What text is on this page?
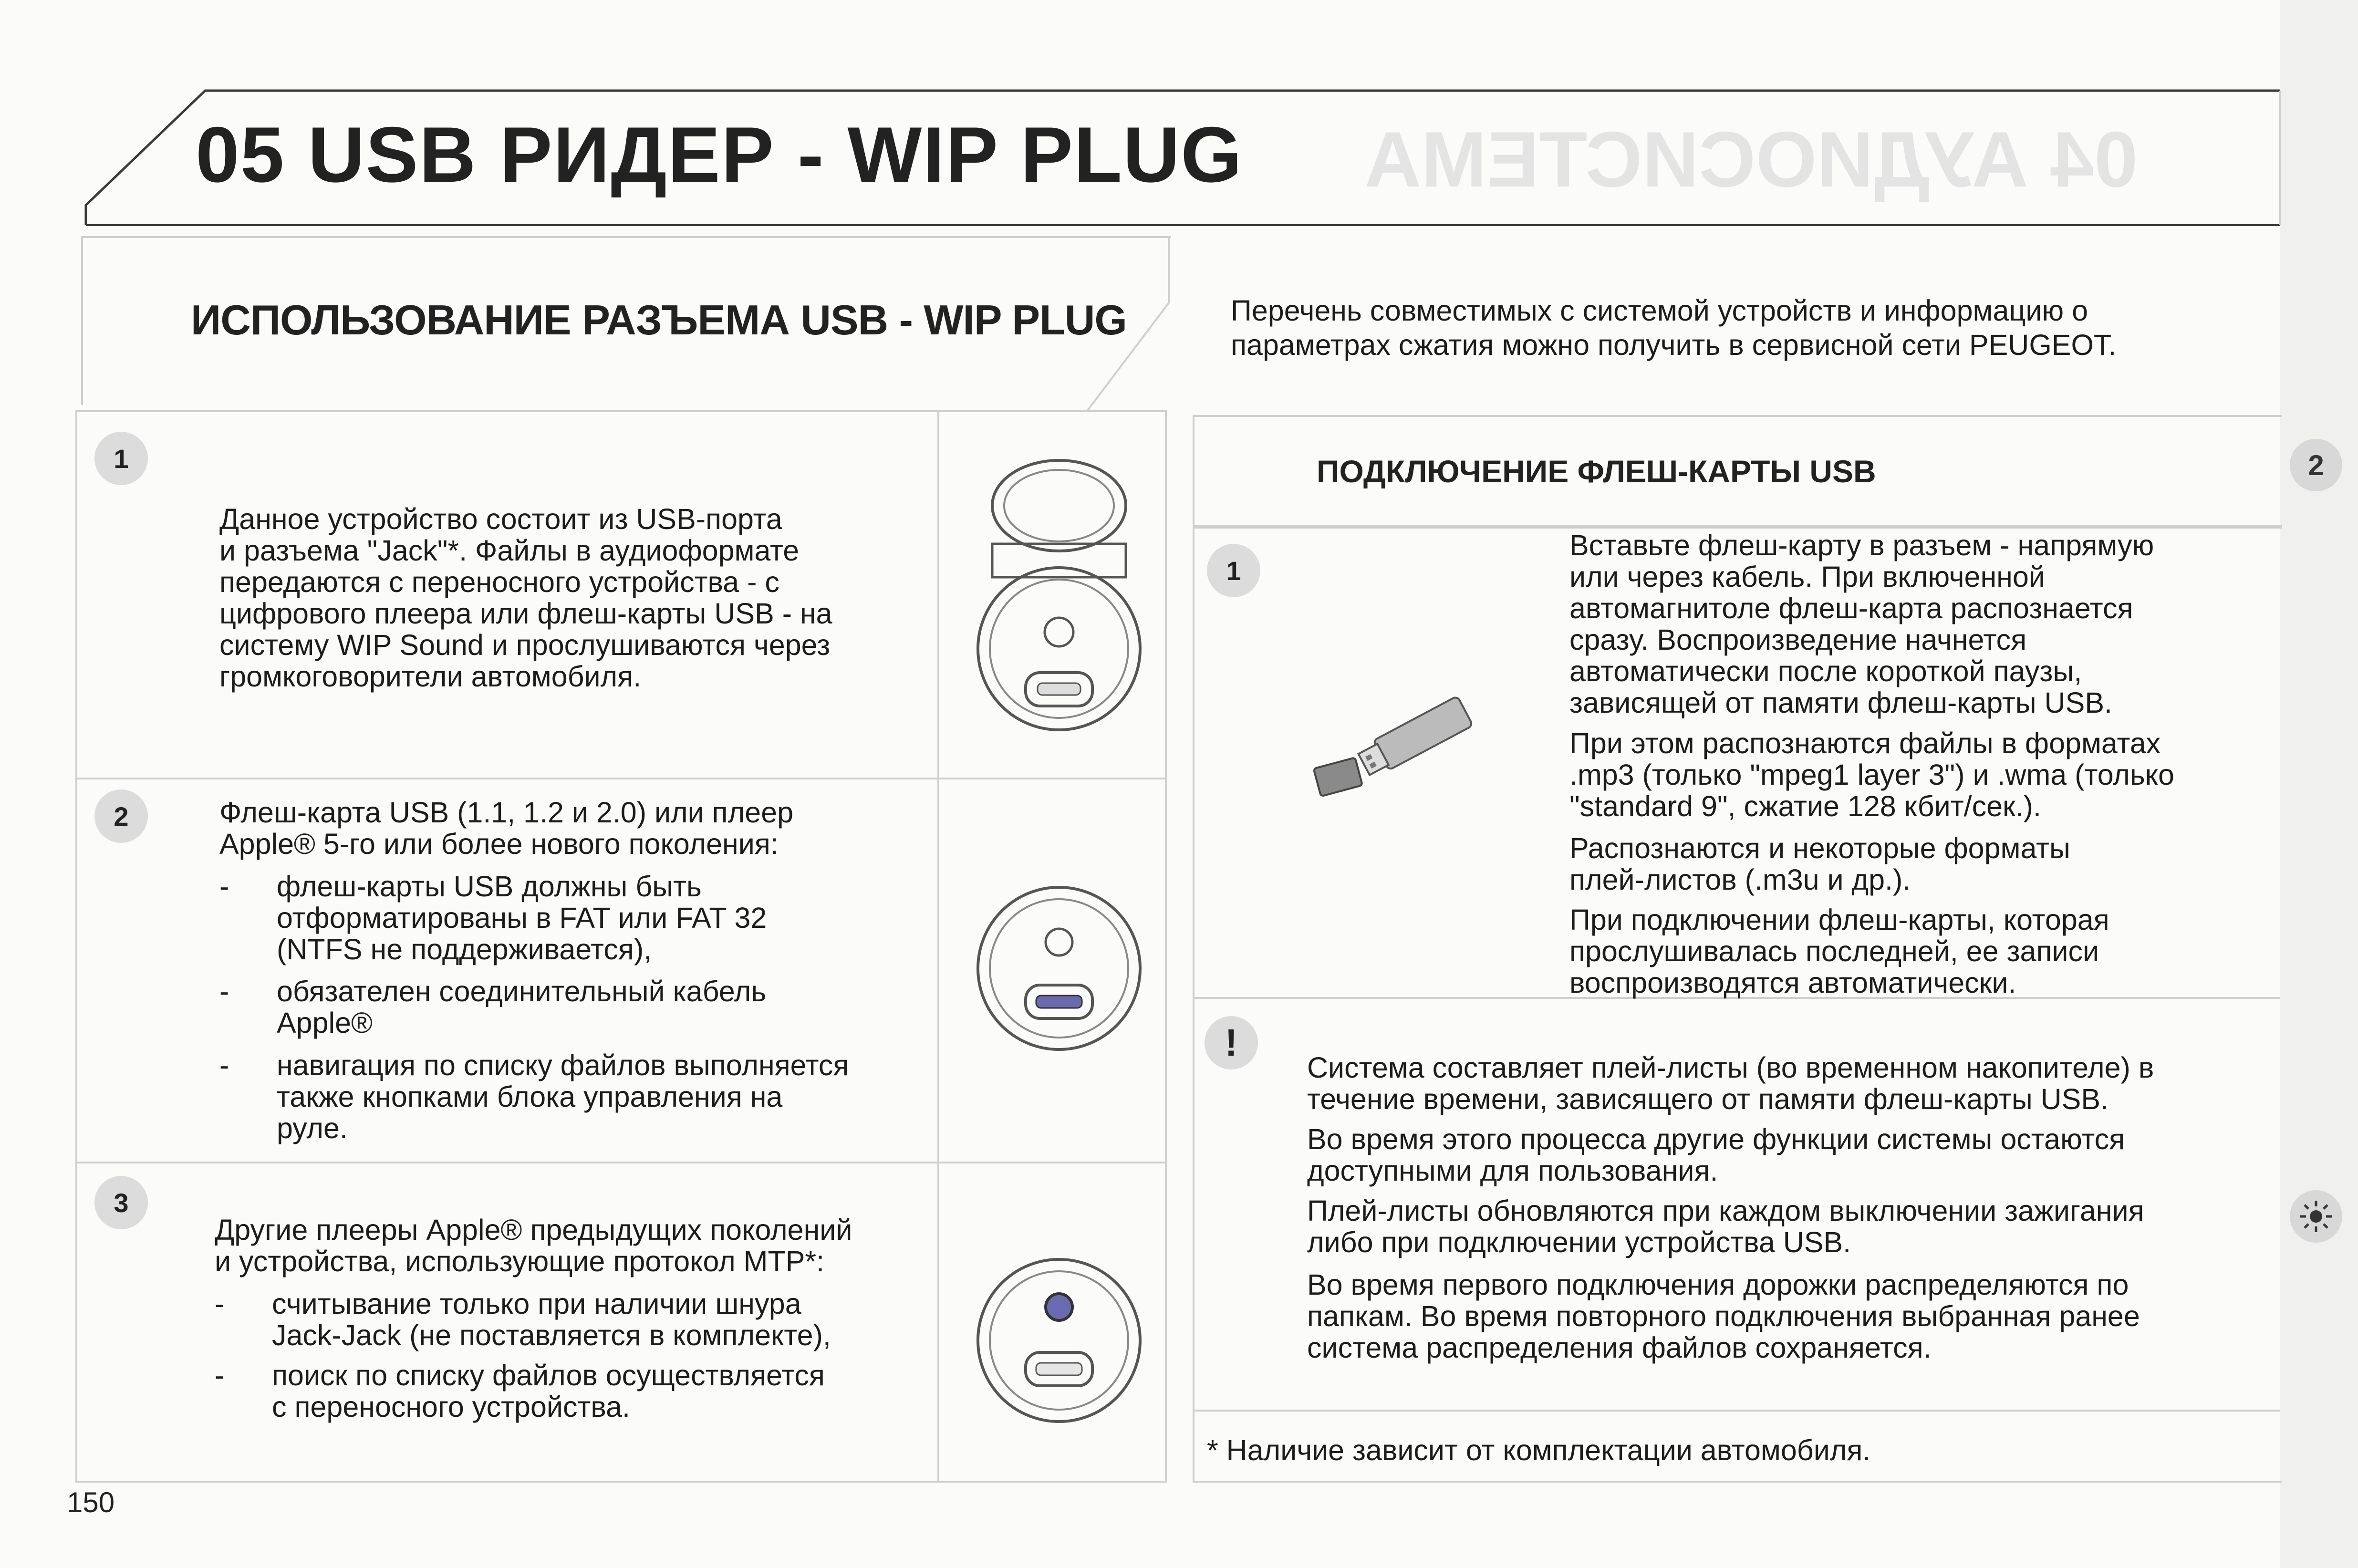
2
04 АУДИОСИСТЕМА
05 USB РИДЕР - WIP PLUG
ИСПОЛЬЗОВАНИЕ РАЗЪЕМА USB - WIP PLUG	Перечень совместимых с системой устройств и информацию о
параметрах сжатия можно получить в сервисной сети PEUGEOT.
1
Данное устройство состоит из USB-порта
и разъема "Jack"*. Файлы в аудиоформате
передаются с переносного устройства - с
цифрового плеера или флеш-карты USB - на
систему WIP Sound и прослушиваются через
громкоговорители автомобиля.
2	Флеш-карта USB (1.1, 1.2 и 2.0) или плеер
Apple® 5-го или более нового поколения:
- флеш-карты USB должны быть
отформатированы в FAT или FAT 32
(NTFS не поддерживается),
- обязателен соединительный кабель
Apple®
- навигация по списку файлов выполняется
также кнопками блока управления на
руле.
3
Другие плееры Apple® предыдущих поколений
и устройства, использующие протокол MTP*:
- считывание только при наличии шнура
Jack-Jack (не поставляется в комплекте),
- поиск по списку файлов осуществляется
с переносного устройства.
ПОДКЛЮЧЕНИЕ ФЛЕШ-КАРТЫ USB
1
Вставьте флеш-карту в разъем - напрямую
или через кабель. При включенной
автомагнитоле флеш-карта распознается
сразу. Воспроизведение начнется
автоматически после короткой паузы,
зависящей от памяти флеш-карты USB.
При этом распознаются файлы в форматах
.mp3 (только "mpeg1 layer 3") и .wma (только
"standard 9", сжатие 128 кбит/сек.).
Распознаются и некоторые форматы
плей-листов (.m3u и др.).
При подключении флеш-карты, которая
прослушивалась последней, ее записи
воспроизводятся автоматически.
!
Система составляет плей-листы (во временном накопителе) в
течение времени, зависящего от памяти флеш-карты USB.
Во время этого процесса другие функции системы остаются
доступными для пользования.
Плей-листы обновляются при каждом выключении зажигания
либо при подключении устройства USB.
Во время первого подключения дорожки распределяются по
папкам. Во время повторного подключения выбранная ранее
система распределения файлов сохраняется.
* Наличие зависит от комплектации автомобиля.
150
